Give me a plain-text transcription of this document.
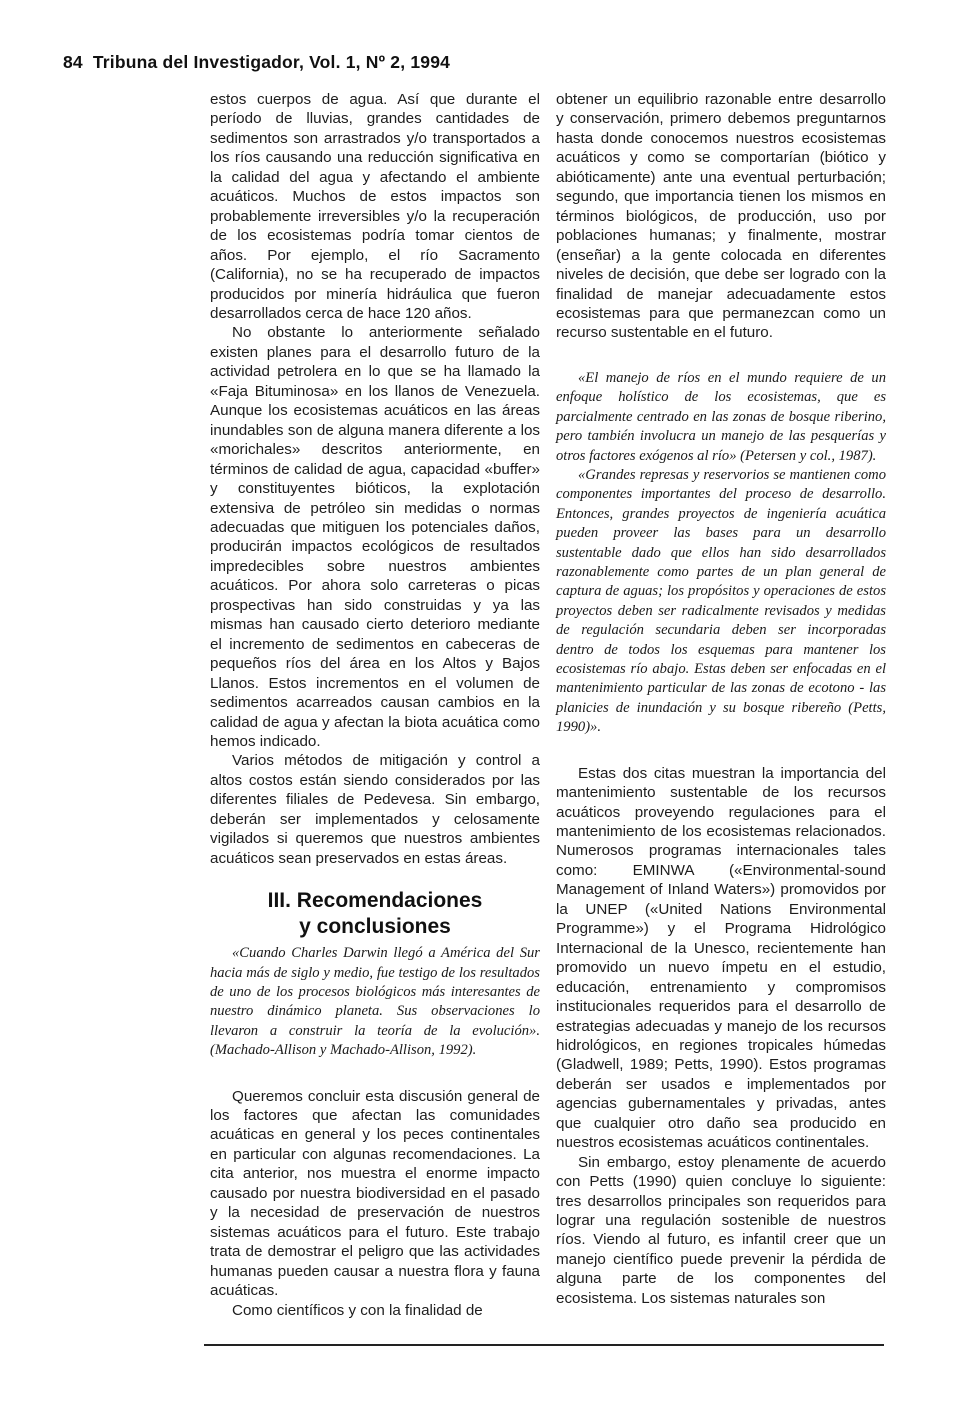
84 Tribuna del Investigador, Vol. 1, Nº 2, 1994

estos cuerpos de agua. Así que durante el período de lluvias, grandes cantidades de sedimentos son arrastrados y/o transportados a los ríos causando una reducción significativa en la calidad del agua y afectando el ambiente acuáticos. Muchos de estos impactos son probablemente irreversibles y/o la recuperación de los ecosistemas podría tomar cientos de años. Por ejemplo, el río Sacramento (California), no se ha recuperado de impactos producidos por minería hidráulica que fueron desarrollados cerca de hace 120 años.

No obstante lo anteriormente señalado existen planes para el desarrollo futuro de la actividad petrolera en lo que se ha llamado la «Faja Bituminosa» en los llanos de Venezuela. Aunque los ecosistemas acuáticos en las áreas inundables son de alguna manera diferente a los «morichales» descritos anteriormente, en términos de calidad de agua, capacidad «buffer» y constituyentes bióticos, la explotación extensiva de petróleo sin medidas o normas adecuadas que mitiguen los potenciales daños, producirán impactos ecológicos de resultados impredecibles sobre nuestros ambientes acuáticos. Por ahora solo carreteras o picas prospectivas han sido construidas y ya las mismas han causado cierto deterioro mediante el incremento de sedimentos en cabeceras de pequeños ríos del área en los Altos y Bajos Llanos. Estos incrementos en el volumen de sedimentos acarreados causan cambios en la calidad de agua y afectan la biota acuática como hemos indicado.

Varios métodos de mitigación y control a altos costos están siendo considerados por las diferentes filiales de Pedevesa. Sin embargo, deberán ser implementados y celosamente vigilados si queremos que nuestros ambientes acuáticos sean preservados en estas áreas.

III. Recomendaciones
y conclusiones

«Cuando Charles Darwin llegó a América del Sur hacia más de siglo y medio, fue testigo de los resultados de uno de los procesos biológicos más interesantes de nuestro dinámico planeta. Sus observaciones lo llevaron a construir la teoría de la evolución». (Machado-Allison y Machado-Allison, 1992).

Queremos concluir esta discusión general de los factores que afectan las comunidades acuáticas en general y los peces continentales en particular con algunas recomendaciones. La cita anterior, nos muestra el enorme impacto causado por nuestra biodiversidad en el pasado y la necesidad de preservación de nuestros sistemas acuáticos para el futuro. Este trabajo trata de demostrar el peligro que las actividades humanas pueden causar a nuestra flora y fauna acuáticas.

Como científicos y con la finalidad de

obtener un equilibrio razonable entre desarrollo y conservación, primero debemos preguntarnos hasta donde conocemos nuestros ecosistemas acuáticos y como se comportarían (biótico y abióticamente) ante una eventual perturbación; segundo, que importancia tienen los mismos en términos biológicos, de producción, uso por poblaciones humanas; y finalmente, mostrar (enseñar) a la gente colocada en diferentes niveles de decisión, que debe ser logrado con la finalidad de manejar adecuadamente estos ecosistemas para que permanezcan como un recurso sustentable en el futuro.

«El manejo de ríos en el mundo requiere de un enfoque holístico de los ecosistemas, que es parcialmente centrado en las zonas de bosque riberino, pero también involucra un manejo de las pesquerías y otros factores exógenos al río» (Petersen y col., 1987).

«Grandes represas y reservorios se mantienen como componentes importantes del proceso de desarrollo. Entonces, grandes proyectos de ingeniería acuática pueden proveer las bases para un desarrollo sustentable dado que ellos han sido desarrollados razonablemente como partes de un plan general de captura de aguas; los propósitos y operaciones de estos proyectos deben ser radicalmente revisados y medidas de regulación secundaria deben ser incorporadas dentro de todos los esquemas para mantener los ecosistemas río abajo. Estas deben ser enfocadas en el mantenimiento particular de las zonas de ecotono - las planicies de inundación y su bosque ribereño (Petts, 1990)».

Estas dos citas muestran la importancia del mantenimiento sustentable de los recursos acuáticos proveyendo regulaciones para el mantenimiento de los ecosistemas relacionados. Numerosos programas internacionales tales como: EMINWA («Environmental-sound Management of Inland Waters») promovidos por la UNEP («United Nations Environmental Programme») y el Programa Hidrológico Internacional de la Unesco, recientemente han promovido un nuevo ímpetu en el estudio, educación, entrenamiento y compromisos institucionales requeridos para el desarrollo de estrategias adecuadas y manejo de los recursos hidrológicos, en regiones tropicales húmedas (Gladwell, 1989; Petts, 1990). Estos programas deberán ser usados e implementados por agencias gubernamentales y privadas, antes que cualquier otro daño sea producido en nuestros ecosistemas acuáticos continentales.

Sin embargo, estoy plenamente de acuerdo con Petts (1990) quien concluye lo siguiente: tres desarrollos principales son requeridos para lograr una regulación sostenible de nuestros ríos. Viendo al futuro, es infantil creer que un manejo científico puede prevenir la pérdida de alguna parte de los componentes del ecosistema. Los sistemas naturales son
